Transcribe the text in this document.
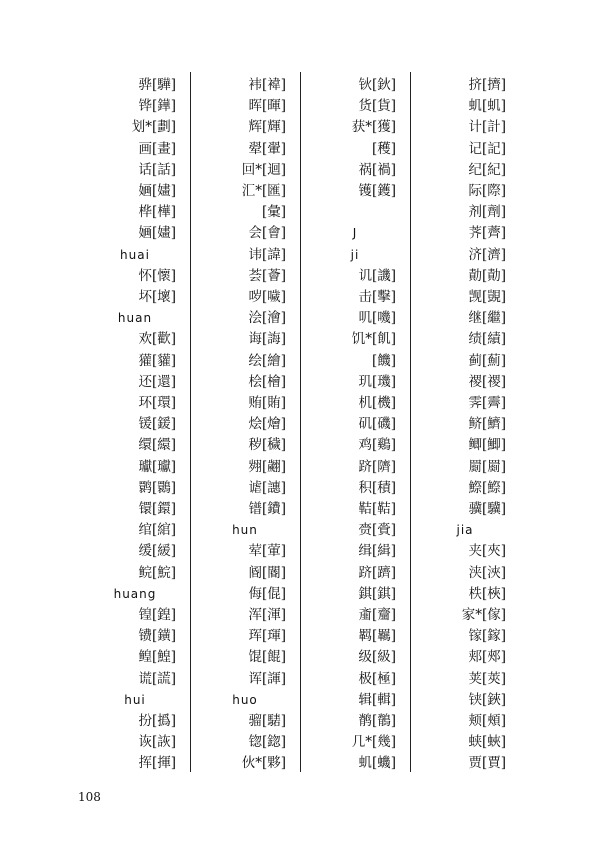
骅[驊]
铧[鏵]
划*[劃]
画[畫]
话[話]
婳[嫿]
桦[樺]
婳[嫿]
huai
怀[懷]
坏[壞]
huan
欢[歡]
獾[貛]
还[還]
环[環]
锾[鍰]
缳[繯]
瓛[瓛]
鹮[䴉]
镮[鐶]
绾[綰]
缓[緩]
鲩[鯇]
huang
锽[鍠]
镄[鐄]
鳇[鰉]
谎[謊]
hui
扮[撝]
诙[詼]
挥[揮]
袆[褘]
晖[暉]
辉[輝]
翚[翬]
回*[迴]
汇*[匯]
[彙]
会[會]
讳[諱]
荟[薈]
哕[噦]
浍[澮]
诲[誨]
绘[繪]
桧[檜]
贿[賄]
烩[燴]
秽[穢]
翙[翽]
谑[譓]
镨[鐨]
hun
荤[葷]
阍[閽]
侮[倱]
浑[渾]
珲[琿]
馄[餛]
诨[諢]
huo
骝[騞]
锪[鍃]
伙*[夥]
钬[鈥]
货[貨]
获*[獲]
[穫]
祸[禍]
镬[鑊]
J
ji
讥[譏]
击[擊]
叽[嘰]
饥*[飢]
[饑]
玑[璣]
机[機]
矶[磯]
鸡[鷄]
跻[隮]
积[積]
鞊[鞊]
赍[賫]
缉[緝]
跻[躋]
錤[錤]
齑[齏]
羁[羈]
级[級]
极[極]
辑[輯]
鹡[鶺]
几*[幾]
虮[蟣]
挤[擠]
虮[虮]
计[計]
记[記]
纪[紀]
际[際]
剂[劑]
荠[薺]
济[濟]
勣[勣]
觊[覬]
继[繼]
绩[績]
蓟[薊]
禝[禝]
霁[霽]
鲚[鱭]
鲫[鯽]
罽[罽]
鰶[鰶]
骥[驥]
jia
夹[夾]
浃[浹]
柣[梜]
家*[傢]
镓[鎵]
郏[郟]
荚[莢]
铗[鋏]
颊[頰]
蛱[蛺]
贾[賈]
108
